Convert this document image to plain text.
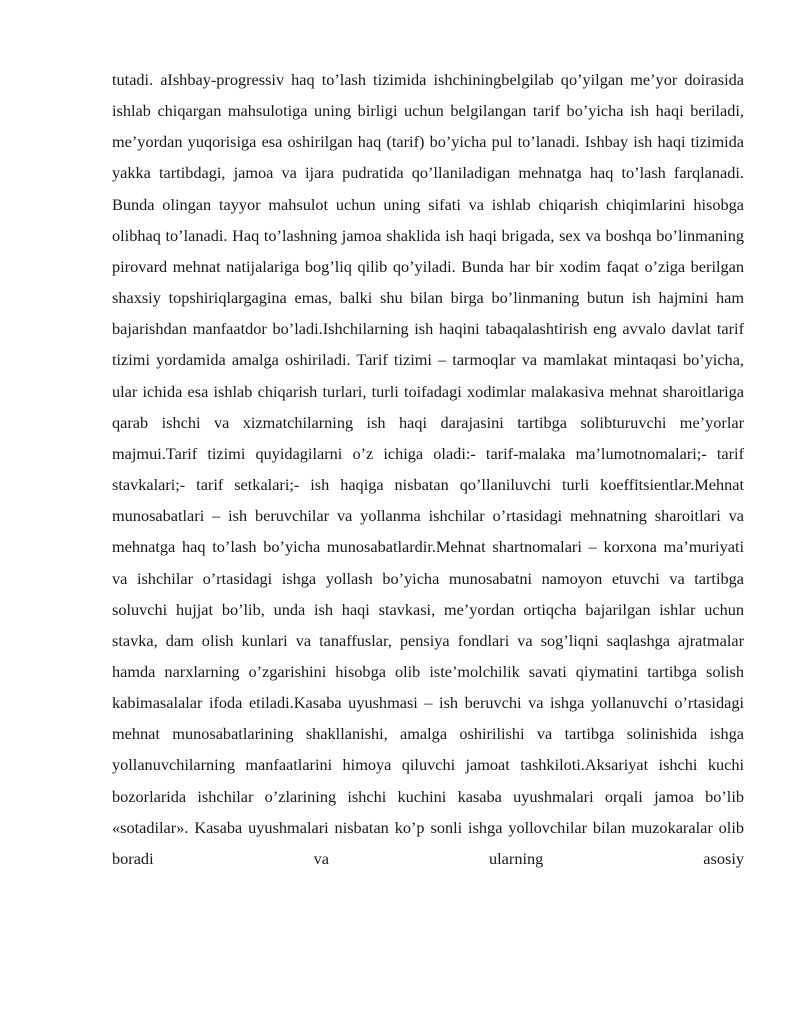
tutadi. aIshbay-progressiv haq to’lash tizimida ishchiningbelgilab qo’yilgan me’yor doirasida ishlab chiqargan mahsulotiga uning birligi uchun belgilangan tarif bo’yicha ish haqi beriladi, me’yordan yuqorisiga esa oshirilgan haq (tarif) bo’yicha pul to’lanadi. Ishbay ish haqi tizimida yakka tartibdagi, jamoa va ijara pudratida qo’llaniladigan mehnatga haq to’lash farqlanadi. Bunda olingan tayyor mahsulot uchun uning sifati va ishlab chiqarish chiqimlarini hisobga olibhaq to’lanadi. Haq to’lashning jamoa shaklida ish haqi brigada, sex va boshqa bo’linmaning pirovard mehnat natijalariga bog’liq qilib qo’yiladi. Bunda har bir xodim faqat o’ziga berilgan shaxsiy topshiriqlargagina emas, balki shu bilan birga bo’linmaning butun ish hajmini ham bajarishdan manfaatdor bo’ladi.Ishchilarning ish haqini tabaqalashtirish eng avvalo davlat tarif tizimi yordamida amalga oshiriladi. Tarif tizimi – tarmoqlar va mamlakat mintaqasi bo’yicha, ular ichida esa ishlab chiqarish turlari, turli toifadagi xodimlar malakasiva mehnat sharoitlariga qarab ishchi va xizmatchilarning ish haqi darajasini tartibga solibturuvchi me’yorlar majmui.Tarif tizimi quyidagilarni o’z ichiga oladi:- tarif-malaka ma’lumotnomalari;- tarif stavkalari;- tarif setkalari;- ish haqiga nisbatan qo’llaniluvchi turli koeffitsientlar.Mehnat munosabatlari – ish beruvchilar va yollanma ishchilar o’rtasidagi mehnatning sharoitlari va mehnatga haq to’lash bo’yicha munosabatlardir.Mehnat shartnomalari – korxona ma’muriyati va ishchilar o’rtasidagi ishga yollash bo’yicha munosabatni namoyon etuvchi va tartibga soluvchi hujjat bo’lib, unda ish haqi stavkasi, me’yordan ortiqcha bajarilgan ishlar uchun stavka, dam olish kunlari va tanaffuslar, pensiya fondlari va sog’liqni saqlashga ajratmalar hamda narxlarning o’zgarishini hisobga olib iste’molchilik savati qiymatini tartibga solish kabimasalalar ifoda etiladi.Kasaba uyushmasi – ish beruvchi va ishga yollanuvchi o’rtasidagi mehnat munosabatlarining shakllanishi, amalga oshirilishi va tartibga solinishida ishga yollanuvchilarning manfaatlarini himoya qiluvchi jamoat tashkiloti.Aksariyat ishchi kuchi bozorlarida ishchilar o’zlarining ishchi kuchini kasaba uyushmalari orqali jamoa bo’lib «sotadilar». Kasaba uyushmalari nisbatan ko’p sonli ishga yollovchilar bilan muzokaralar olib boradi va ularning asosiy
